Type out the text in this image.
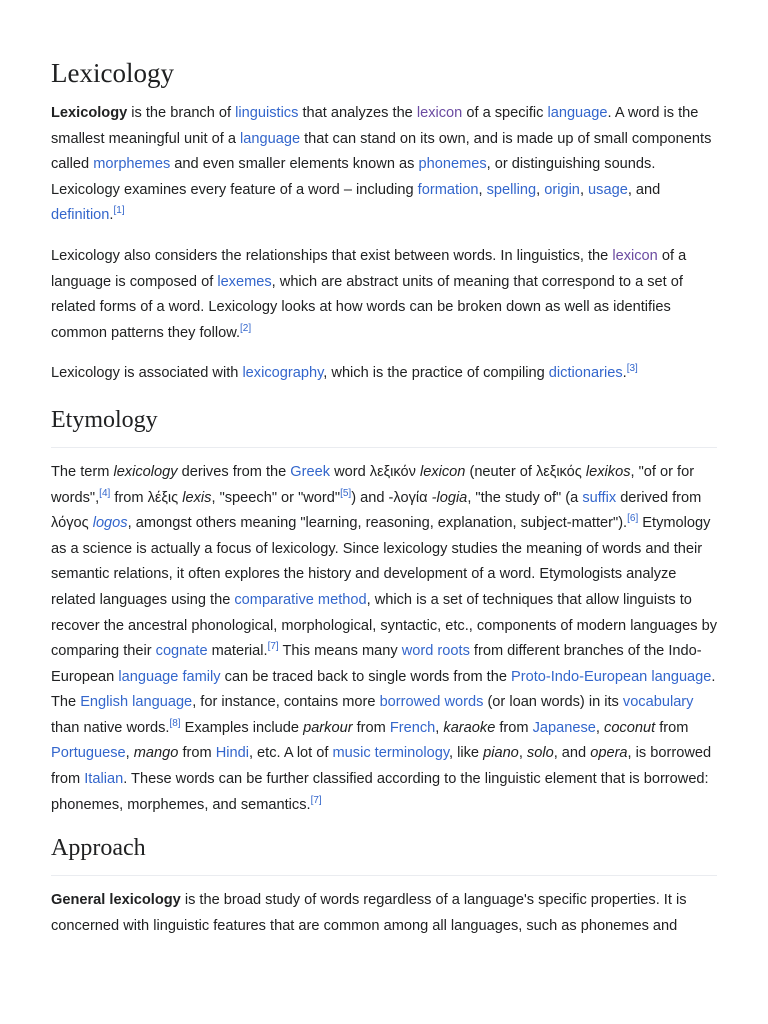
Lexicology

Lexicology is the branch of linguistics that analyzes the lexicon of a specific language. A word is the smallest meaningful unit of a language that can stand on its own, and is made up of small components called morphemes and even smaller elements known as phonemes, or distinguishing sounds. Lexicology examines every feature of a word – including formation, spelling, origin, usage, and definition.[1]

Lexicology also considers the relationships that exist between words. In linguistics, the lexicon of a language is composed of lexemes, which are abstract units of meaning that correspond to a set of related forms of a word. Lexicology looks at how words can be broken down as well as identifies common patterns they follow.[2]

Lexicology is associated with lexicography, which is the practice of compiling dictionaries.[3]

Etymology

The term lexicology derives from the Greek word λεξικόν lexicon (neuter of λεξικός lexikos, "of or for words",[4] from λέξις lexis, "speech" or "word"[5]) and -λογία -logia, "the study of" (a suffix derived from λόγος logos, amongst others meaning "learning, reasoning, explanation, subject-matter").[6] Etymology as a science is actually a focus of lexicology. Since lexicology studies the meaning of words and their semantic relations, it often explores the history and development of a word. Etymologists analyze related languages using the comparative method, which is a set of techniques that allow linguists to recover the ancestral phonological, morphological, syntactic, etc., components of modern languages by comparing their cognate material.[7] This means many word roots from different branches of the Indo-European language family can be traced back to single words from the Proto-Indo-European language. The English language, for instance, contains more borrowed words (or loan words) in its vocabulary than native words.[8] Examples include parkour from French, karaoke from Japanese, coconut from Portuguese, mango from Hindi, etc. A lot of music terminology, like piano, solo, and opera, is borrowed from Italian. These words can be further classified according to the linguistic element that is borrowed: phonemes, morphemes, and semantics.[7]

Approach

General lexicology is the broad study of words regardless of a language's specific properties. It is concerned with linguistic features that are common among all languages, such as phonemes and
